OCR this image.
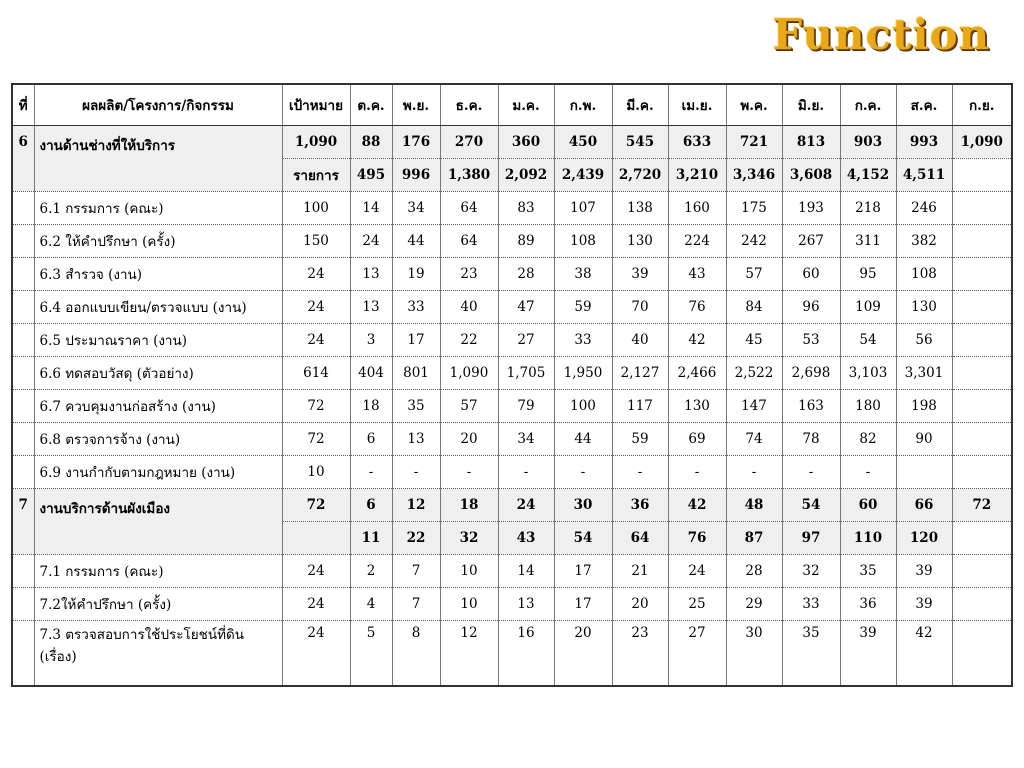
Function
ที่	ผลผลิต/โครงการ/กิจกรรม	เป้าหมาย	ต.ค.	พ.ย.	ธ.ค.	ม.ค.	ก.พ.	มี.ค.	เม.ย.	พ.ค.	มิ.ย.	ก.ค.	ส.ค.	ก.ย.
6	งานด้านช่างที่ให้บริการ	1,090	88	176	270	360	450	545	633	721	813	903	993	1,090
		รายการ	495	996	1,380	2,092	2,439	2,720	3,210	3,346	3,608	4,152	4,511	
	6.1 กรรมการ (คณะ)	100	14	34	64	83	107	138	160	175	193	218	246	
	6.2 ให้คำปรึกษา (ครั้ง)	150	24	44	64	89	108	130	224	242	267	311	382	
	6.3 สำรวจ (งาน)	24	13	19	23	28	38	39	43	57	60	95	108	
	6.4 ออกแบบเขียน/ตรวจแบบ (งาน)	24	13	33	40	47	59	70	76	84	96	109	130	
	6.5 ประมาณราคา (งาน)	24	3	17	22	27	33	40	42	45	53	54	56	
	6.6 ทดสอบวัสดุ (ตัวอย่าง)	614	404	801	1,090	1,705	1,950	2,127	2,466	2,522	2,698	3,103	3,301	
	6.7 ควบคุมงานก่อสร้าง (งาน)	72	18	35	57	79	100	117	130	147	163	180	198	
	6.8 ตรวจการจ้าง (งาน)	72	6	13	20	34	44	59	69	74	78	82	90	
	6.9 งานกำกับตามกฎหมาย (งาน)	10	-	-	-	-	-	-	-	-	-	-		
7	งานบริการด้านผังเมือง	72	6	12	18	24	30	36	42	48	54	60	66	72
			11	22	32	43	54	64	76	87	97	110	120	
	7.1 กรรมการ (คณะ)	24	2	7	10	14	17	21	24	28	32	35	39	
	7.2ให้คำปรึกษา (ครั้ง)	24	4	7	10	13	17	20	25	29	33	36	39	
	7.3 ตรวจสอบการใช้ประโยชน์ที่ดิน (เรื่อง)	24	5	8	12	16	20	23	27	30	35	39	42	
